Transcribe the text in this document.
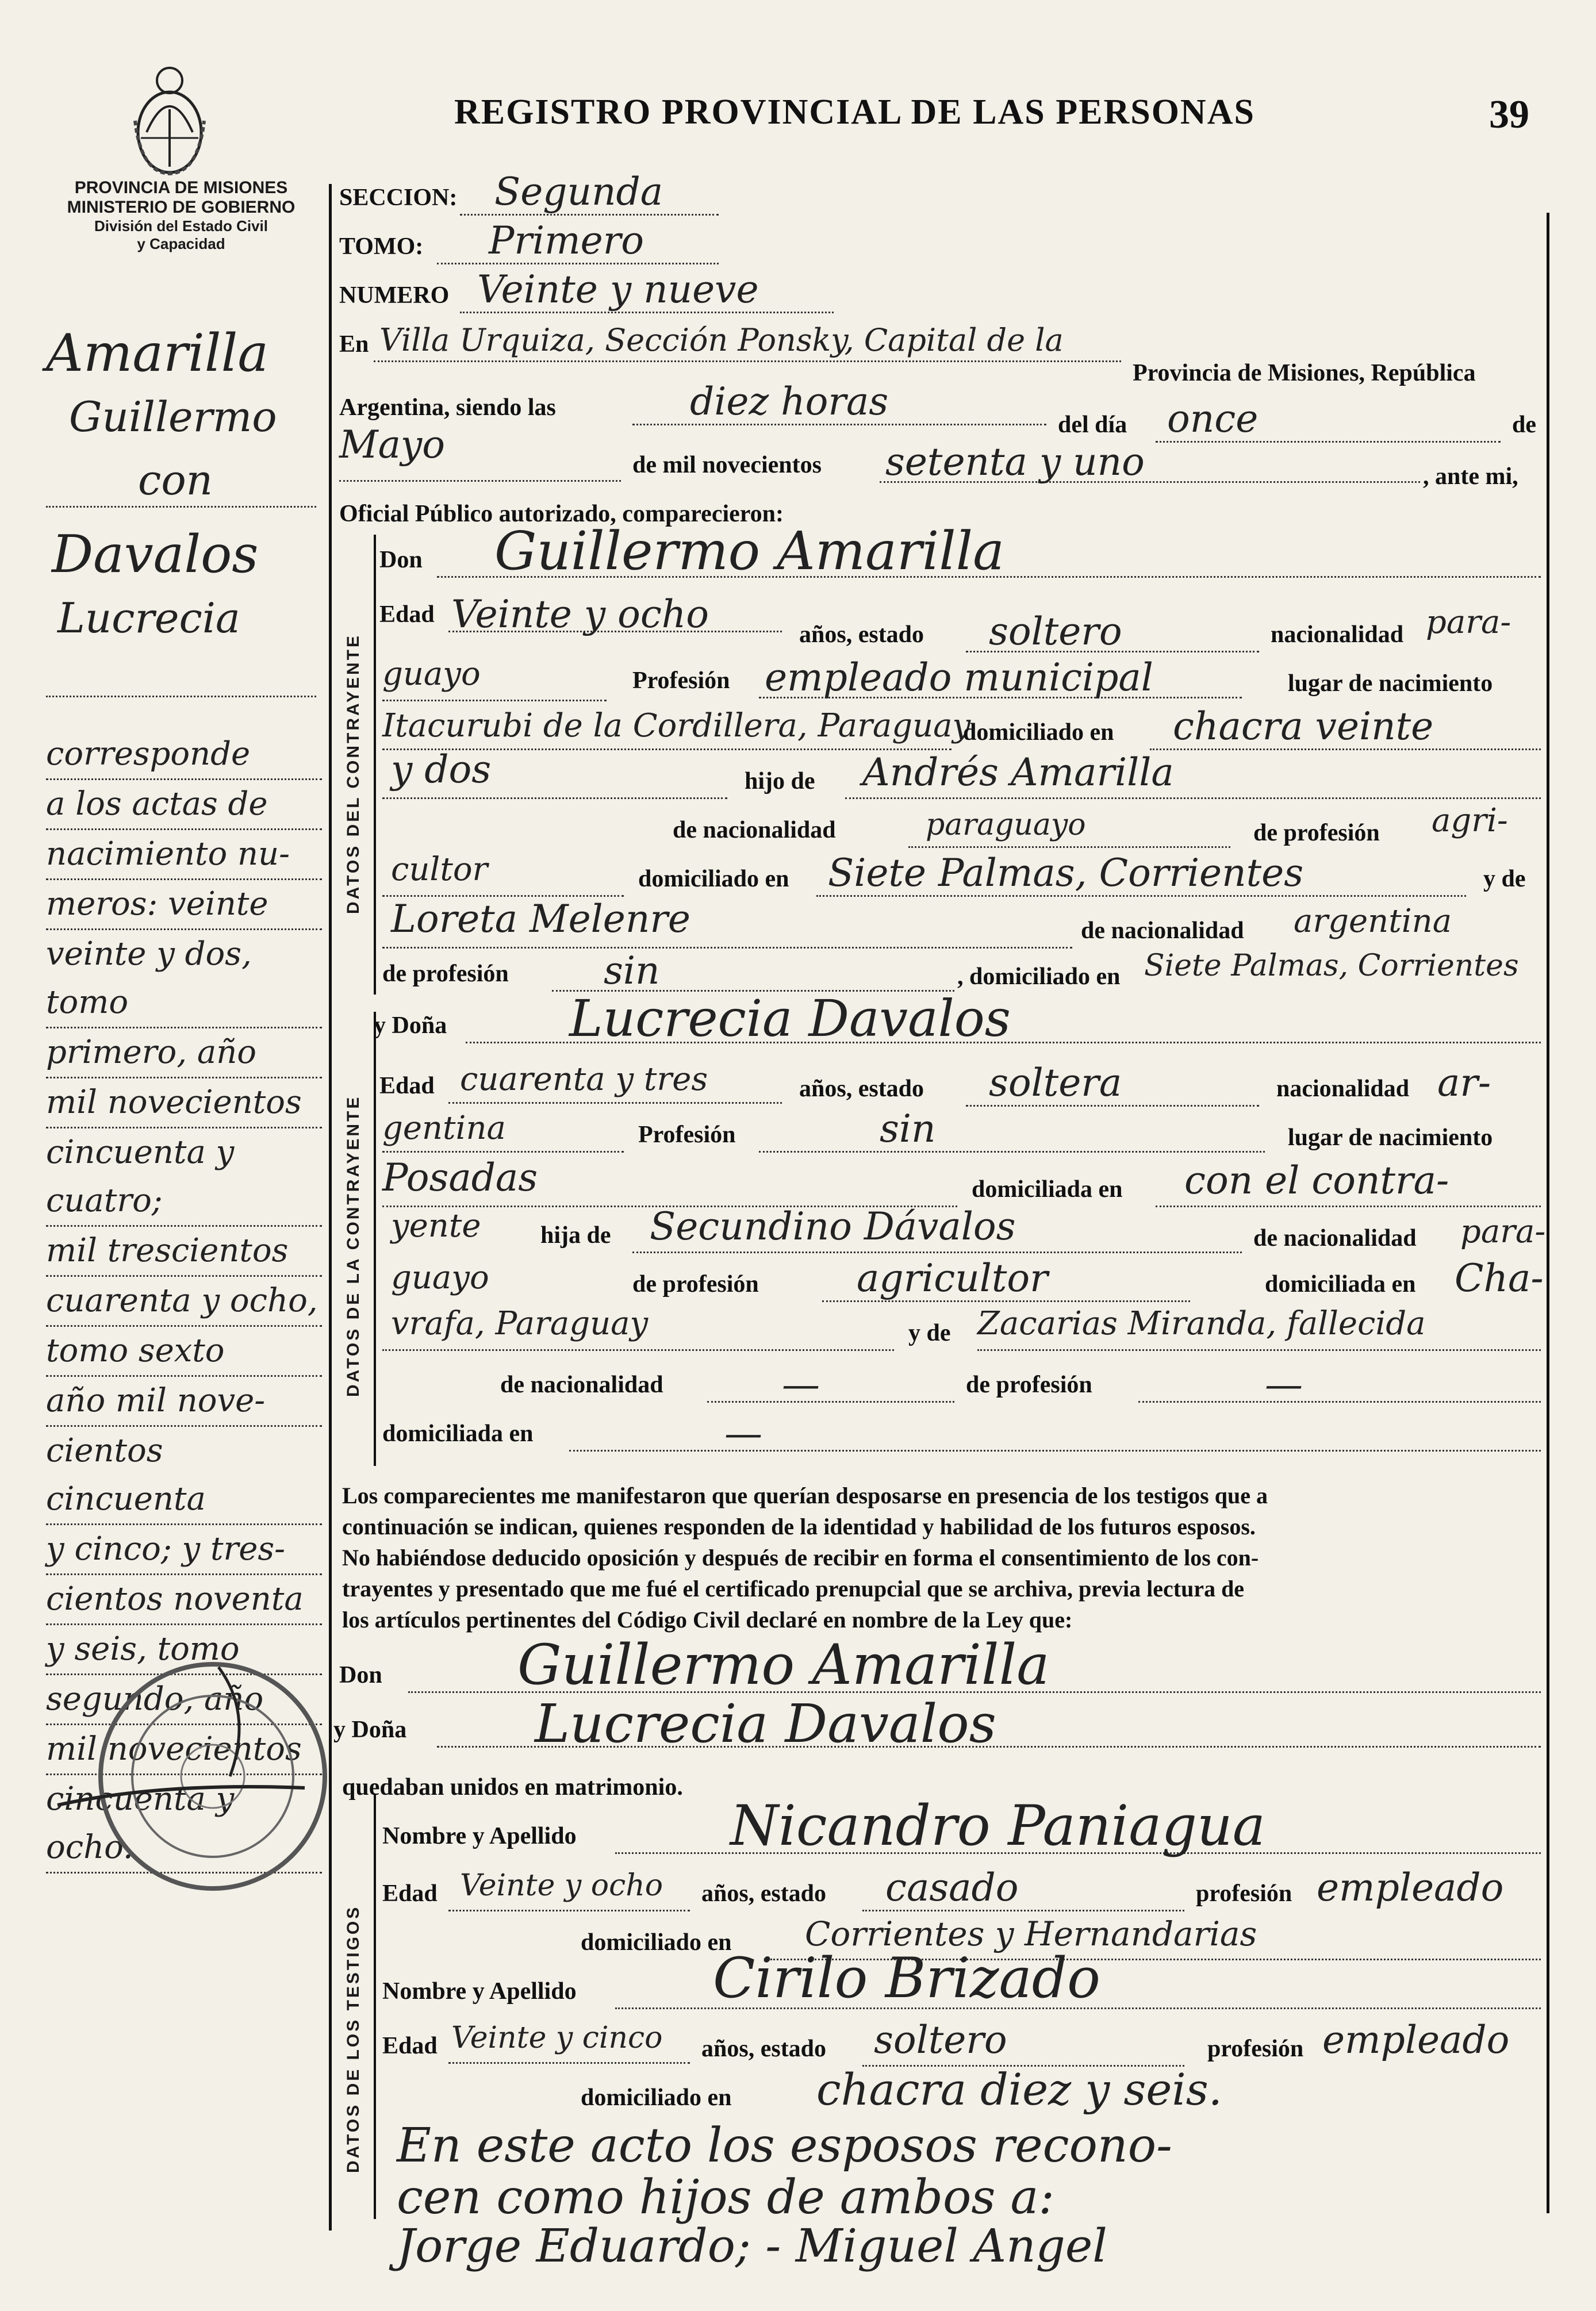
REGISTRO PROVINCIAL DE LAS PERSONAS	39
PROVINCIA DE MISIONES
MINISTERIO DE GOBIERNO
División del Estado Civil
y Capacidad
DATOS DEL CONTRAYENTE
DATOS DE LA CONTRAYENTE
DATOS DE LOS TESTIGOS
Amarilla
Guillermo
con
Davalos
Lucrecia
corresponde
a los actas de
nacimiento nu-
meros: veinte
veinte y dos, tomo
primero, año
mil novecientos
cincuenta y cuatro;
mil trescientos
cuarenta y ocho,
tomo sexto
año mil nove-
cientos cincuenta
y cinco; y tres-
cientos noventa
y seis, tomo
segundo, año
mil novecientos
cincuenta y ocho.
SECCION: Segunda
TOMO: Primero
NUMERO Veinte y nueve
En Villa Urquiza, Sección Ponsky, Capital de la
Provincia de Misiones, República
Argentina, siendo las	diez horas
del día once	de
Mayo	de mil novecientos setenta y uno	, ante mi,
Oficial Público autorizado, comparecieron:
Don Guillermo Amarilla
Edad Veinte y ocho	años, estado soltero	nacionalidad para-
guayo	Profesión empleado municipal	lugar de nacimiento
Itacurubi de la Cordillera, Paraguay
domiciliado en chacra veinte
y dos	hijo de Andrés Amarilla
de nacionalidad	paraguayo	de profesión agri-
cultor	domiciliado en Siete Palmas, Corrientes	y de
Loreta Melenre	de nacionalidad argentina
de profesión	sin	, domiciliado en Siete Palmas, Corrientes
y Doña Lucrecia Davalos
Edad cuarenta y tres	años, estado soltera	nacionalidad ar-
gentina	Profesión	sin	lugar de nacimiento
Posadas	domiciliada en con el contra-
yente hija de Secundino Dávalos	de nacionalidad para-
guayo	de profesión	agricultor	domiciliada en Cha-
vrafa, Paraguay	y de Zacarias Miranda, fallecida
de nacionalidad	—	de profesión	—
domiciliada en	—
Los comparecientes me manifestaron que querían desposarse en presencia de los testigos que a
continuación se indican, quienes responden de la identidad y habilidad de los futuros esposos.
No habiéndose deducido oposición y después de recibir en forma el consentimiento de los con-
trayentes y presentado que me fué el certificado prenupcial que se archiva, previa lectura de
los artículos pertinentes del Código Civil declaré en nombre de la Ley que:
Don Guillermo Amarilla
y Doña Lucrecia Davalos
quedaban unidos en matrimonio.
Nombre y Apellido	Nicandro Paniagua
Edad Veinte y ocho años, estado casado	profesión empleado
domiciliado en Corrientes y Hernandarias
Nombre y Apellido Cirilo Brizado
Edad Veinte y cinco años, estado soltero	profesión empleado
domiciliado en chacra diez y seis.
En este acto los esposos recono-
cen como hijos de ambos a:
Jorge Eduardo; - Miguel Angel
